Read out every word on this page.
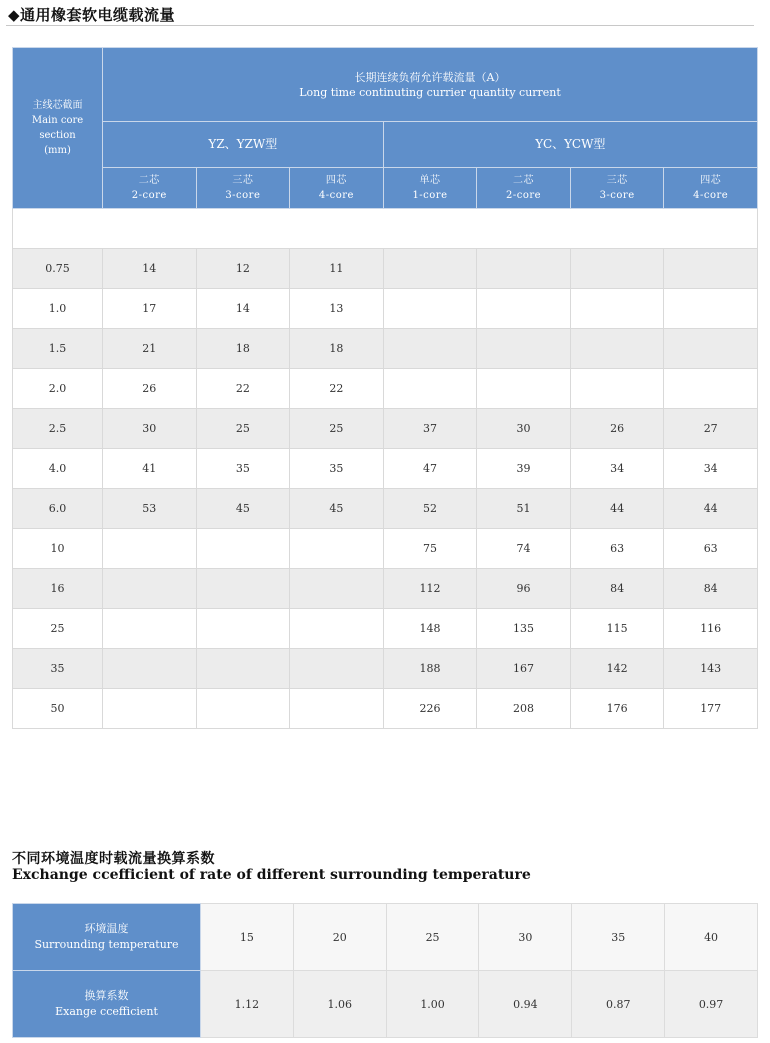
◆通用橡套软电缆载流量
主线芯截面
Main core
section
(mm)	长期连续负荷允许载流量（A）
Long time continuting currier quantity current						

	YZ、YZW型			YC、YCW型			

	二芯
2-core	三芯
3-core	四芯
4-core	单芯
1-core	二芯
2-core	三芯
3-core	四芯
4-core

0.75	14	12	11				
1.0	17	14	13				
1.5	21	18	18				
2.0	26	22	22				
2.5	30	25	25	37	30	26	27
4.0	41	35	35	47	39	34	34
6.0	53	45	45	52	51	44	44
10				75	74	63	63
16				112	96	84	84
25				148	135	115	116
35				188	167	142	143
50				226	208	176	177
不同环境温度时载流量换算系数
Exchange ccefficient of rate of different surrounding temperature
环境温度
Surrounding temperature	15	20	25	30	35	40

换算系数
Exange ccefficient	1.12	1.06	1.00	0.94	0.87	0.97
